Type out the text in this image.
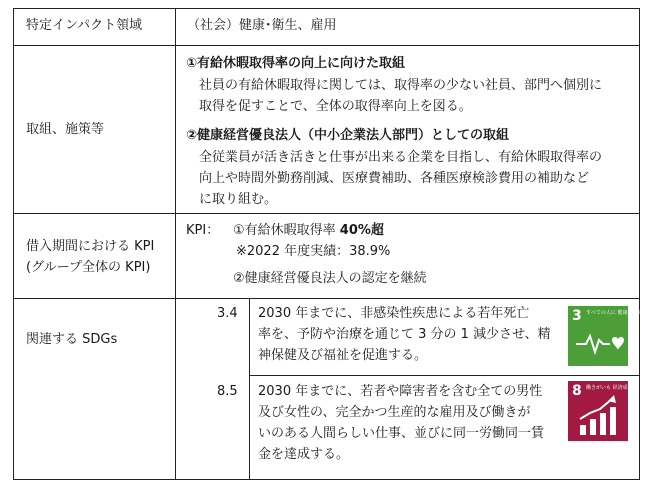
特定インパクト領域	（社会）健康･衛生、雇用
取組、施策等
①有給休暇取得率の向上に向けた取組
社員の有給休暇取得に関しては、取得率の少ない社員、部門へ個別に
取得を促すことで、全体の取得率向上を図る。
②健康経営優良法人（中小企業法人部門）としての取組
全従業員が活き活きと仕事が出来る企業を目指し、有給休暇取得率の
向上や時間外勤務削減、医療費補助、各種医療検診費用の補助など
に取り組む。
借入期間における KPI
(グループ全体の KPI)
KPI： ①有給休暇取得率 40%超
※2022 年度実績：38.9%
②健康経営優良法人の認定を継続
関連する SDGs
3.4 2030 年までに、非感染性疾患による若年死亡
率を、予防や治療を通じて 3 分の 1 減少させ、精
神保健及び福祉を促進する。
3 すべての人に 健康と福祉を
8.5 2030 年までに、若者や障害者を含む全ての男性
及び女性の、完全かつ生産的な雇用及び働きが
いのある人間らしい仕事、並びに同一労働同一賃
金を達成する。
8 働きがいも 経済成長も
